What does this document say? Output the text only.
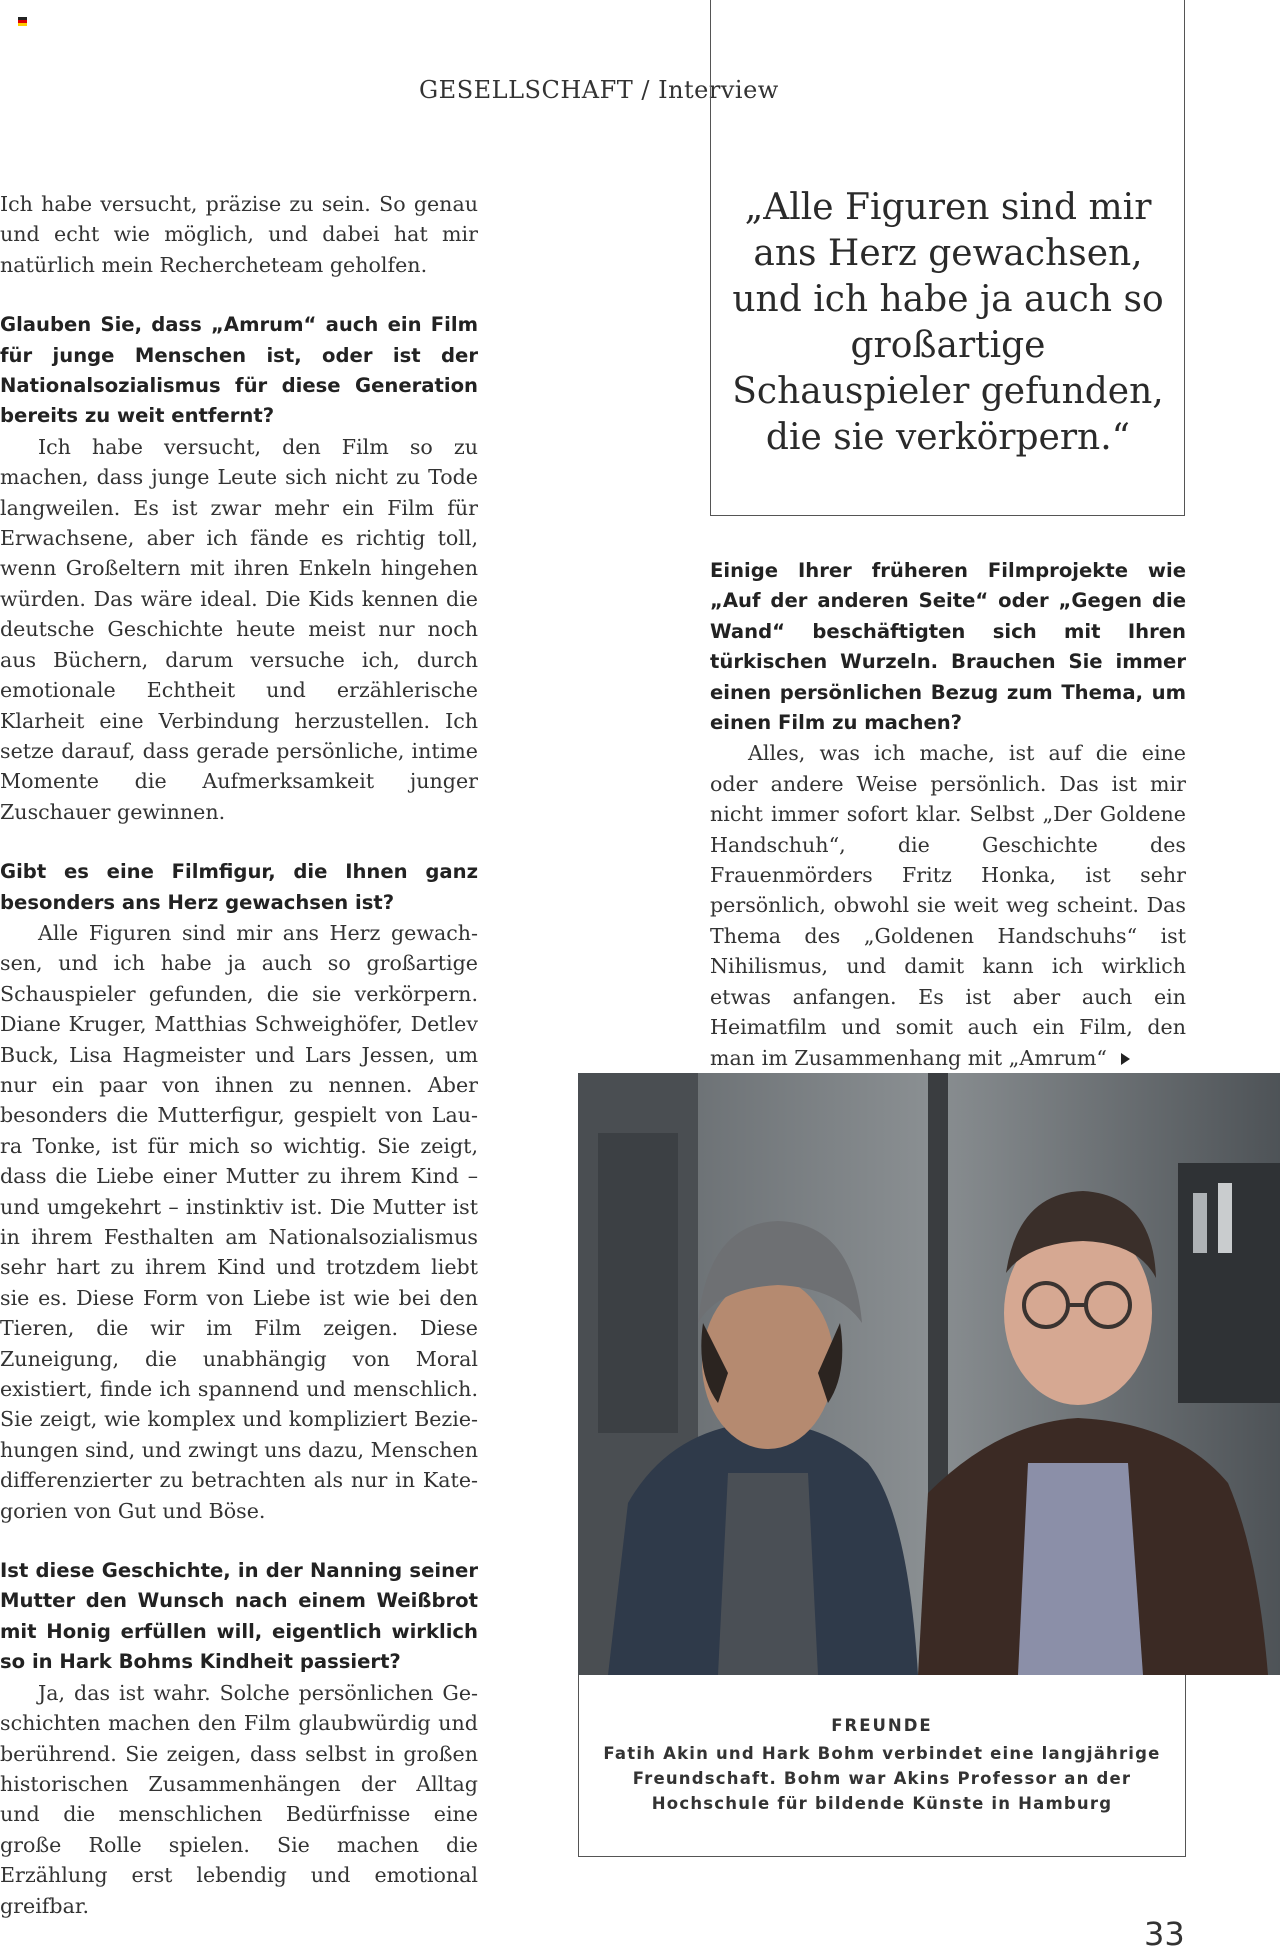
GESELLSCHAFT / Interview
„Alle Figuren sind mir ans Herz gewachsen, und ich habe ja auch so großartige Schauspieler gefunden, die sie verkörpern.“

Ich habe versucht, präzise zu sein. So genau und echt wie möglich, und dabei hat mir natürlich mein Rechercheteam geholfen.

Glauben Sie, dass „Amrum“ auch ein Film für junge Menschen ist, oder ist der Nationalsozialismus für diese Generation bereits zu weit entfernt?

Ich habe versucht, den Film so zu machen, dass junge Leute sich nicht zu Tode langweilen. Es ist zwar mehr ein Film für Erwachsene, aber ich fände es richtig toll, wenn Großeltern mit ihren Enkeln hingehen würden. Das wäre ideal. Die Kids kennen die deutsche Geschichte heute meist nur noch aus Büchern, darum versuche ich, durch emotionale Echtheit und erzählerische Klarheit eine Verbindung herzustellen. Ich setze darauf, dass gerade persönliche, intime Momente die Aufmerksamkeit junger Zuschauer gewinnen.

Gibt es eine Filmfigur, die Ihnen ganz besonders ans Herz gewachsen ist?

Alle Figuren sind mir ans Herz gewachsen, und ich habe ja auch so großartige Schauspieler gefunden, die sie verkörpern. Diane Kruger, Matthias Schweighöfer, Detlev Buck, Lisa Hagmeister und Lars Jessen, um nur ein paar von ihnen zu nennen. Aber besonders die Mutterfigur, gespielt von Laura Tonke, ist für mich so wichtig. Sie zeigt, dass die Liebe einer Mutter zu ihrem Kind – und umgekehrt – instinktiv ist. Die Mutter ist in ihrem Festhalten am Nationalsozialismus sehr hart zu ihrem Kind und trotzdem liebt sie es. Diese Form von Liebe ist wie bei den Tieren, die wir im Film zeigen. Diese Zuneigung, die unabhängig von Moral existiert, finde ich spannend und menschlich. Sie zeigt, wie komplex und kompliziert Beziehungen sind, und zwingt uns dazu, Menschen differenzierter zu betrachten als nur in Kategorien von Gut und Böse.

Ist diese Geschichte, in der Nanning seiner Mutter den Wunsch nach einem Weißbrot mit Honig erfüllen will, eigentlich wirklich so in Hark Bohms Kindheit passiert?

Ja, das ist wahr. Solche persönlichen Geschichten machen den Film glaubwürdig und berührend. Sie zeigen, dass selbst in großen historischen Zusammenhängen der Alltag und die menschlichen Bedürfnisse eine große Rolle spielen. Sie machen die Erzählung erst lebendig und emotional greifbar.

Einige Ihrer früheren Filmprojekte wie „Auf der anderen Seite“ oder „Gegen die Wand“ beschäftigten sich mit Ihren türkischen Wurzeln. Brauchen Sie immer einen persönlichen Bezug zum Thema, um einen Film zu machen?

Alles, was ich mache, ist auf die eine oder andere Weise persönlich. Das ist mir nicht immer sofort klar. Selbst „Der Goldene Handschuh“, die Geschichte des Frauenmörders Fritz Honka, ist sehr persönlich, obwohl sie weit weg scheint. Das Thema des „Goldenen Handschuhs“ ist Nihilismus, und damit kann ich wirklich etwas anfangen. Es ist aber auch ein Heimatfilm und somit auch ein Film, den man im Zusammenhang mit „Amrum“

FREUNDE
Fatih Akin und Hark Bohm verbindet eine langjährige Freundschaft. Bohm war Akins Professor an der Hochschule für bildende Künste in Hamburg
33
